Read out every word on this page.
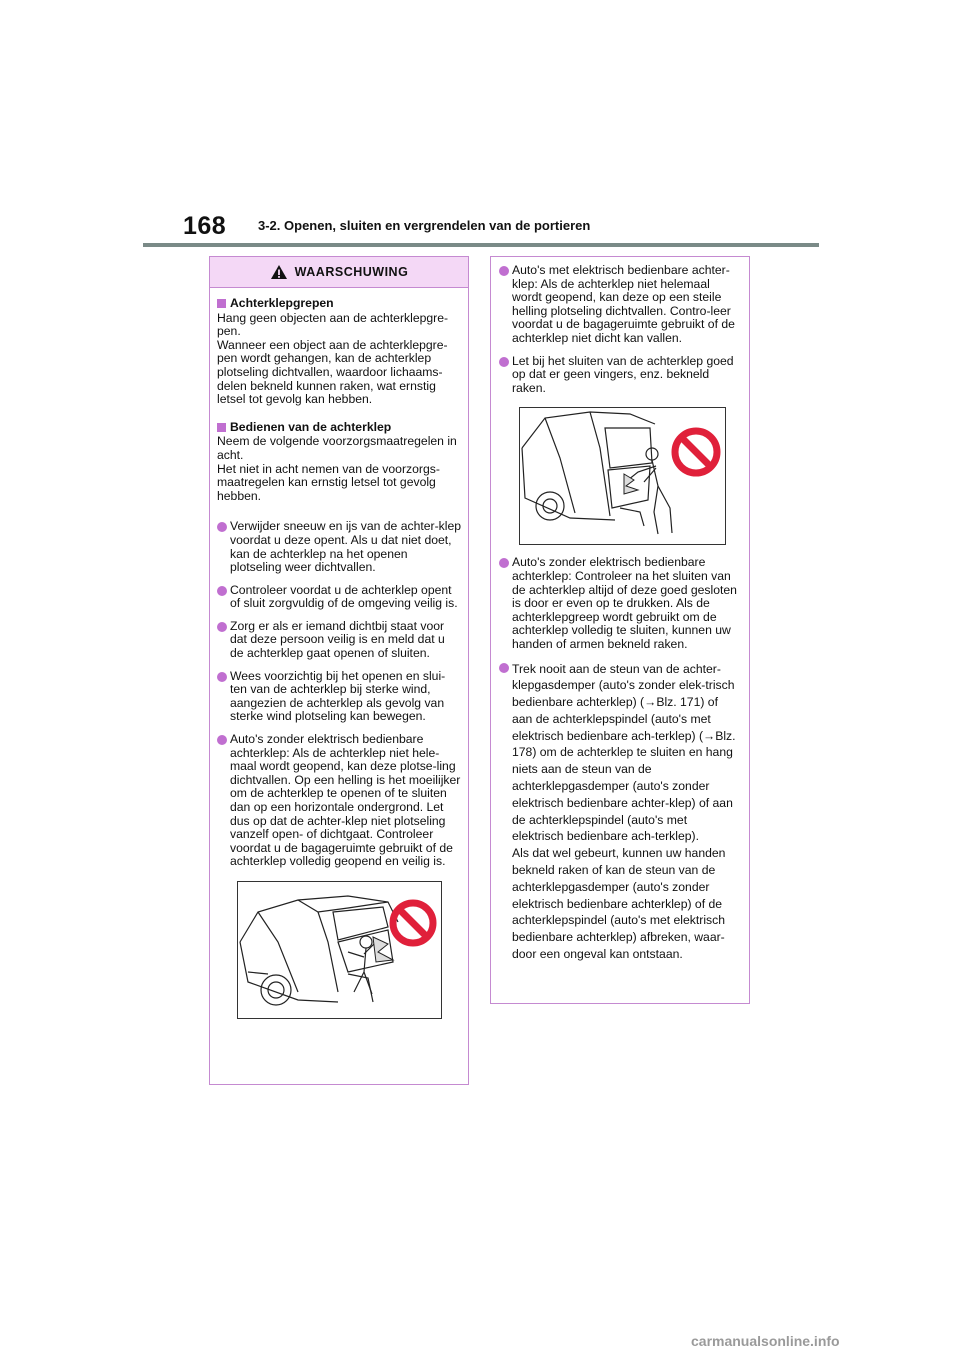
168 3-2. Openen, sluiten en vergrendelen van de portieren
WAARSCHUWING
Achterklepgrepen

Hang geen objecten aan de achterklepgre-pen.

Wanneer een object aan de achterklepgre-pen wordt gehangen, kan de achterklep plotseling dichtvallen, waardoor lichaams-delen bekneld kunnen raken, wat ernstig letsel tot gevolg kan hebben.

Bedienen van de achterklep

Neem de volgende voorzorgsmaatregelen in acht.

Het niet in acht nemen van de voorzorgs-maatregelen kan ernstig letsel tot gevolg hebben.

Verwijder sneeuw en ijs van de achter-klep voordat u deze opent. Als u dat niet doet, kan de achterklep na het openen plotseling weer dichtvallen.
Controleer voordat u de achterklep opent of sluit zorgvuldig of de omgeving veilig is.
Zorg er als er iemand dichtbij staat voor dat deze persoon veilig is en meld dat u de achterklep gaat openen of sluiten.
Wees voorzichtig bij het openen en slui-ten van de achterklep bij sterke wind, aangezien de achterklep als gevolg van sterke wind plotseling kan bewegen.
Auto's zonder elektrisch bedienbare achterklep: Als de achterklep niet hele-maal wordt geopend, kan deze plotse-ling dichtvallen. Op een helling is het moeilijker om de achterklep te openen of te sluiten dan op een horizontale ondergrond. Let dus op dat de achter-klep niet plotseling vanzelf open- of dichtgaat. Controleer voordat u de bagageruimte gebruikt of de achterklep volledig geopend en veilig is.
Auto's met elektrisch bedienbare achter-klep: Als de achterklep niet helemaal wordt geopend, kan deze op een steile helling plotseling dichtvallen. Contro-leer voordat u de bagageruimte gebruikt of de achterklep niet dicht kan vallen.
Let bij het sluiten van de achterklep goed op dat er geen vingers, enz. bekneld raken.
Auto's zonder elektrisch bedienbare achterklep: Controleer na het sluiten van de achterklep altijd of deze goed gesloten is door er even op te drukken. Als de achterklepgreep wordt gebruikt om de achterklep volledig te sluiten, kunnen uw handen of armen bekneld raken.
Trek nooit aan de steun van de achter-klepgasdemper (auto's zonder elek-trisch bedienbare achterklep) (→Blz. 171) of aan de achterklepspindel (auto's met elektrisch bedienbare ach-terklep) (→Blz. 178) om de achterklep te sluiten en hang niets aan de steun van de achterklepgasdemper (auto's zonder elektrisch bedienbare achter-klep) of aan de achterklepspindel (auto's met elektrisch bedienbare ach-terklep).
Als dat wel gebeurt, kunnen uw handen bekneld raken of kan de steun van de achterklepgasdemper (auto's zonder elektrisch bedienbare achterklep) of de achterklepspindel (auto's met elektrisch bedienbare achterklep) afbreken, waar-door een ongeval kan ontstaan.
carmanualsonline.info
